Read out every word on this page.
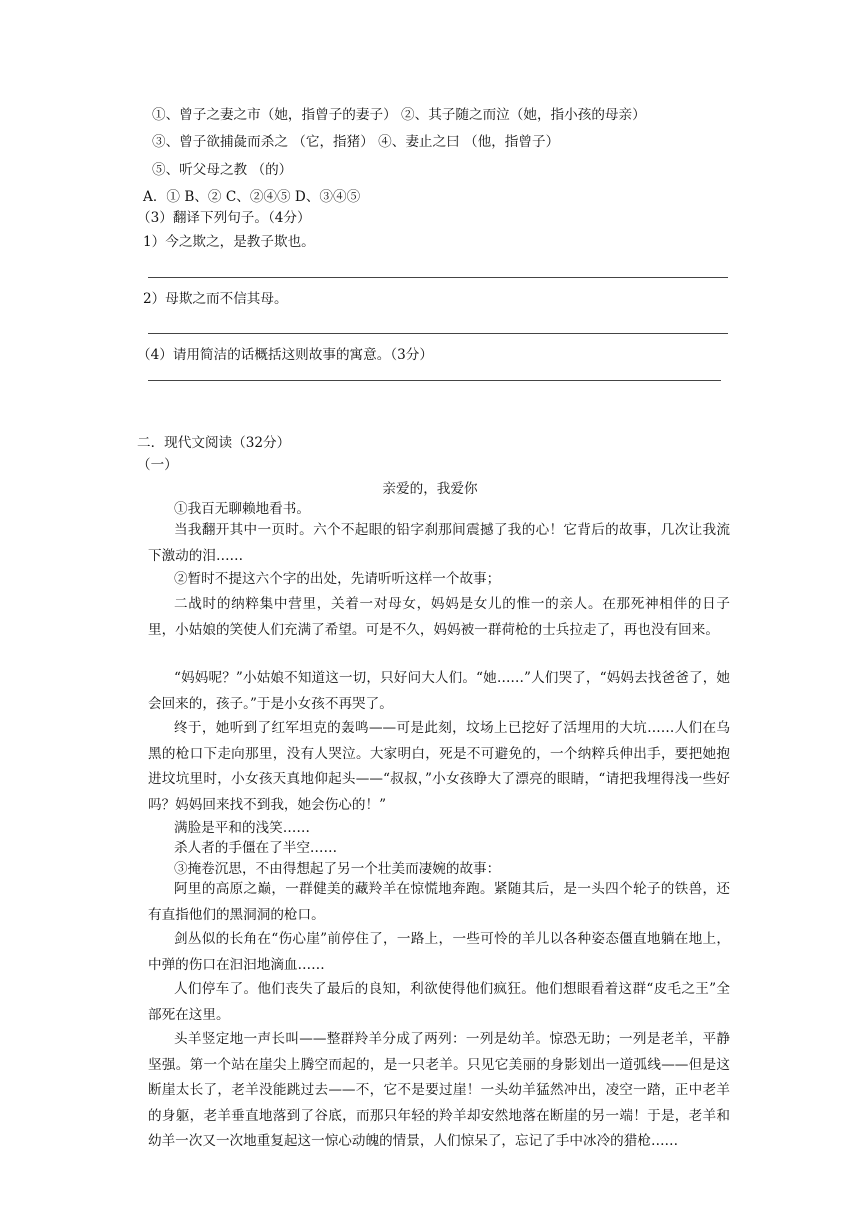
①、曾子之妻之市（她，指曾子的妻子） ②、其子随之而泣（她，指小孩的母亲）
③、曾子欲捕彘而杀之 （它，指猪） ④、妻止之曰 （他，指曾子）
⑤、听父母之教 （的）
A．① B、② C、②④⑤ D、③④⑤
（3）翻译下列句子。（4分）
1）今之欺之，是教子欺也。
2）母欺之而不信其母。
（4）请用简洁的话概括这则故事的寓意。（3分）
二．现代文阅读（32分）
（一）
亲爱的，我爱你
①我百无聊赖地看书。
当我翻开其中一页时。六个不起眼的铅字刹那间震撼了我的心！它背后的故事，几次让我流下激动的泪……
②暂时不提这六个字的出处，先请听听这样一个故事；
二战时的纳粹集中营里，关着一对母女，妈妈是女儿的惟一的亲人。在那死神相伴的日子里，小姑娘的笑使人们充满了希望。可是不久，妈妈被一群荷枪的士兵拉走了，再也没有回来。
“妈妈呢？”小姑娘不知道这一切，只好问大人们。“她……”人们哭了，“妈妈去找爸爸了，她会回来的，孩子。”于是小女孩不再哭了。
终于，她听到了红军坦克的轰鸣——可是此刻，坟场上已挖好了活埋用的大坑……人们在乌黑的枪口下走向那里，没有人哭泣。大家明白，死是不可避免的，一个纳粹兵伸出手，要把她抱进坟坑里时，小女孩天真地仰起头——“叔叔，”小女孩睁大了漂亮的眼睛，“请把我埋得浅一些好吗？妈妈回来找不到我，她会伤心的！”
满脸是平和的浅笑……
杀人者的手僵在了半空……
③掩卷沉思，不由得想起了另一个壮美而凄婉的故事：
阿里的高原之巅，一群健美的藏羚羊在惊慌地奔跑。紧随其后，是一头四个轮子的铁兽，还有直指他们的黑洞洞的枪口。
剑丛似的长角在“伤心崖”前停住了，一路上，一些可怜的羊儿以各种姿态僵直地躺在地上，中弹的伤口在汩汩地滴血……
人们停车了。他们丧失了最后的良知，利欲使得他们疯狂。他们想眼看着这群“皮毛之王”全部死在这里。
头羊竖定地一声长叫——整群羚羊分成了两列：一列是幼羊。惊恐无助；一列是老羊，平静坚强。第一个站在崖尖上腾空而起的，是一只老羊。只见它美丽的身影划出一道弧线——但是这断崖太长了，老羊没能跳过去——不，它不是要过崖！一头幼羊猛然冲出，凌空一踏，正中老羊的身躯，老羊垂直地落到了谷底，而那只年轻的羚羊却安然地落在断崖的另一端！于是，老羊和幼羊一次又一次地重复起这一惊心动魄的情景，人们惊呆了，忘记了手中冰冷的猎枪……
